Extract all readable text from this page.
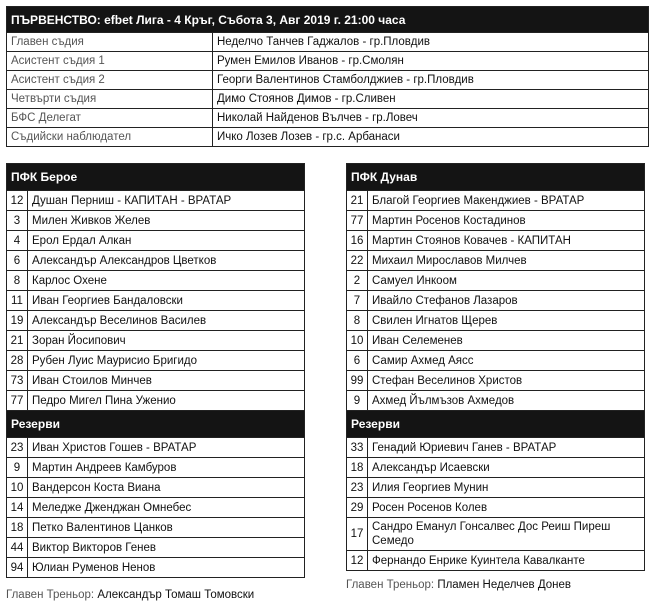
ПЪРВЕНСТВО: efbet Лига - 4 Кръг, Събота 3, Авг 2019 г. 21:00 часа	
Главен съдия	Неделчо Танчев Гаджалов - гр.Пловдив
Асистент съдия 1	Румен Емилов Иванов - гр.Смолян
Асистент съдия 2	Георги Валентинов Стамболджиев - гр.Пловдив
Четвърти съдия	Димо Стоянов Димов - гр.Сливен
БФС Делегат	Николай Найденов Вълчев - гр.Ловеч
Съдийски наблюдател	Ичко Лозев Лозев - гр.с. Арбанаси
ПФК Берое	
12	Душан Перниш - КАПИТАН - ВРАТАР
3	Милен Живков Желев
4	Ерол Ердал Алкан
6	Александър Александров Цветков
8	Карлос Охене
11	Иван Георгиев Бандаловски
19	Александър Веселинов Василев
21	Зоран Йосипович
28	Рубен Луис Маурисио Бригидо
73	Иван Стоилов Минчев
77	Педро Мигел Пина Ужениo
Резерви	
23	Иван Христов Гошев - ВРАТАР
9	Мартин Андреев Камбуров
10	Вандерсон Коста Виана
14	Меледже Дженджан Омнебес
18	Петко Валентинов Цанков
44	Виктор Викторов Генев
94	Юлиан Руменов Ненов
Главен Треньор: Александър Томаш Томовски
ПФК Дунав	
21	Благой Георгиев Макенджиев - ВРАТАР
77	Мартин Росенов Костадинов
16	Мартин Стоянов Ковачев - КАПИТАН
22	Михаил Мирославов Милчев
2	Самуел Инкоом
7	Ивайло Стефанов Лазаров
8	Свилен Игнатов Щерев
10	Иван Селеменев
6	Самир Ахмед Аясс
99	Стефан Веселинов Христов
9	Ахмед Йълмъзов Ахмедов
Резерви	
33	Генадий Юриевич Ганев - ВРАТАР
18	Александър Исаевски
23	Илия Георгиев Мунин
29	Росен Росенов Колев
17	Сандро Еманул Гонсалвес Дос Реиш Пиреш Семедо
12	Фернандо Енрике Куинтела Кавалканте
Главен Треньор: Пламен Неделчев Донев
